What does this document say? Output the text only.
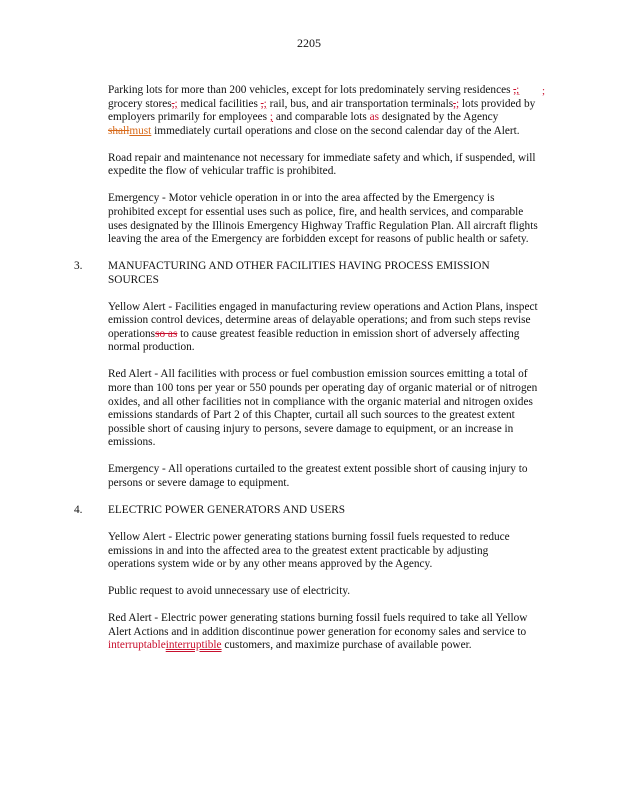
2205
;

Parking lots for more than 200 vehicles, except for lots predominately serving residences ,; grocery stores,; medical facilities ,; rail, bus, and air transportation terminals,; lots provided by employers primarily for employees ; and comparable lots as designated by the Agency shallmust immediately curtail operations and close on the second calendar day of the Alert.

Road repair and maintenance not necessary for immediate safety and which, if suspended, will expedite the flow of vehicular traffic is prohibited.

Emergency - Motor vehicle operation in or into the area affected by the Emergency is prohibited except for essential uses such as police, fire, and health services, and comparable uses designated by the Illinois Emergency Highway Traffic Regulation Plan. All aircraft flights leaving the area of the Emergency are forbidden except for reasons of public health or safety.

3. MANUFACTURING AND OTHER FACILITIES HAVING PROCESS EMISSION SOURCES

Yellow Alert - Facilities engaged in manufacturing review operations and Action Plans, inspect emission control devices, determine areas of delayable operations; and from such steps revise operationsso as to cause greatest feasible reduction in emission short of adversely affecting normal production.

Red Alert - All facilities with process or fuel combustion emission sources emitting a total of more than 100 tons per year or 550 pounds per operating day of organic material or of nitrogen oxides, and all other facilities not in compliance with the organic material and nitrogen oxides emissions standards of Part 2 of this Chapter, curtail all such sources to the greatest extent possible short of causing injury to persons, severe damage to equipment, or an increase in emissions.

Emergency - All operations curtailed to the greatest extent possible short of causing injury to persons or severe damage to equipment.

4. ELECTRIC POWER GENERATORS AND USERS

Yellow Alert - Electric power generating stations burning fossil fuels requested to reduce emissions in and into the affected area to the greatest extent practicable by adjusting operations system wide or by any other means approved by the Agency.

Public request to avoid unnecessary use of electricity.

Red Alert - Electric power generating stations burning fossil fuels required to take all Yellow Alert Actions and in addition discontinue power generation for economy sales and service to interruptableinterruptible customers, and maximize purchase of available power.
